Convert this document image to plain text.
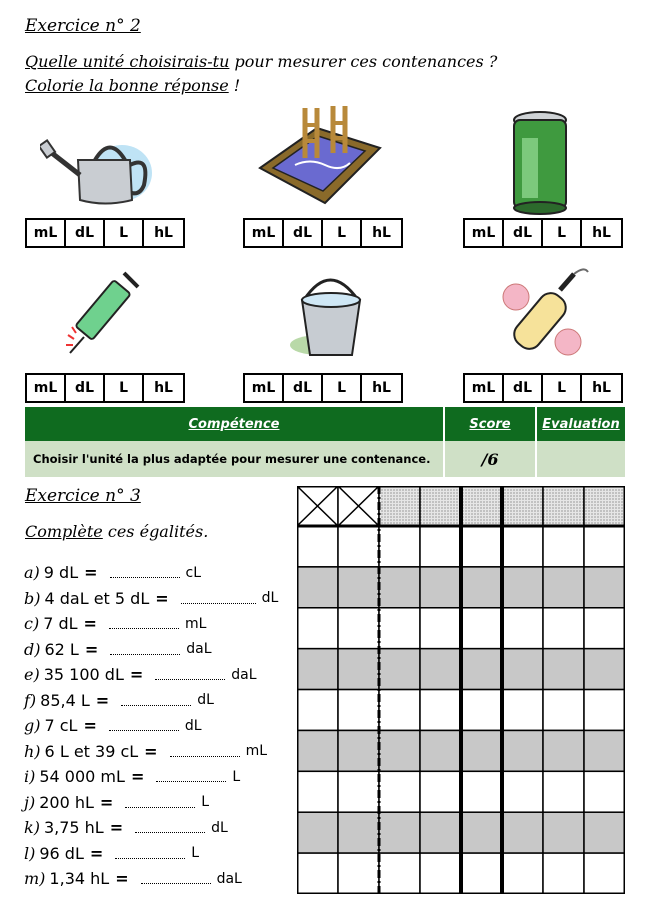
Exercice n° 2
Quelle unité choisirais-tu pour mesurer ces contenances ?
Colorie la bonne réponse !
mL	dL	L	hL	mL	dL	L	hL	mL	dL	L	hL
mL	dL	L	hL	mL	dL	L	hL	mL	dL	L	hL
Compétence	Score	Evaluation
Choisir l'unité la plus adaptée pour mesurer une contenance.	/6
Exercice n° 3
Complète ces égalités.
a) 9 dL =	cL
b) 4 daL et 5 dL =	dL
c) 7 dL =	mL
d) 62 L =	daL
e) 35 100 dL =	daL
f) 85,4 L =	dL
g) 7 cL =	dL
h) 6 L et 39 cL =	mL
i) 54 000 mL =	L
j) 200 hL =	L
k) 3,75 hL =	dL
l) 96 dL =	L
m) 1,34 hL =	daL
